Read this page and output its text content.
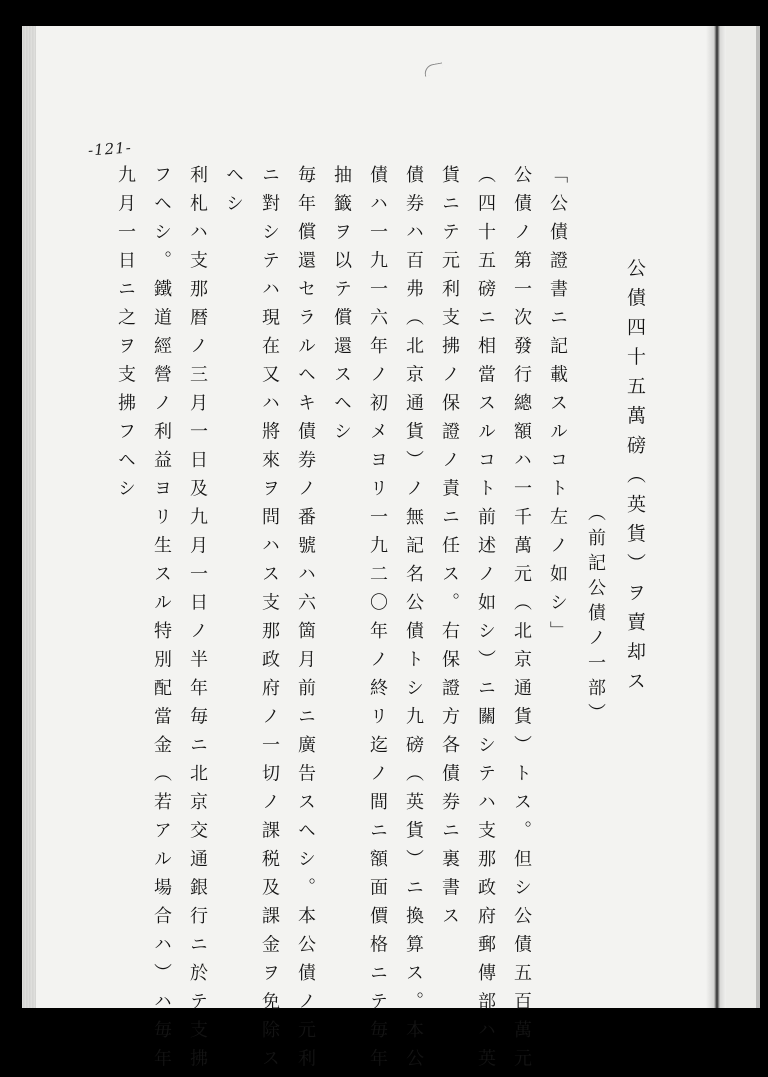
-121-
公債四十五萬磅（英貨）ヲ賣却ス
（前記公債ノ一部）
「公債證書ニ記載スルコト左ノ如シ」
公債ノ第一次發行總額ハ一千萬元（北京通貨）トス。但シ公債五百萬元
（四十五磅ニ相當スルコト前述ノ如シ）ニ關シテハ支那政府郵傳部ハ英
貨ニテ元利支拂ノ保證ノ責ニ任ス。右保證方各債券ニ裏書ス
債券ハ百弗（北京通貨）ノ無記名公債トシ九磅（英貨）ニ換算ス。本公
債ハ一九一六年ノ初メヨリ一九二〇年ノ終リ迄ノ間ニ額面價格ニテ毎年
抽籤ヲ以テ償還スヘシ
毎年償還セラルヘキ債券ノ番號ハ六箇月前ニ廣告スヘシ。本公債ノ元利
ニ對シテハ現在又ハ將來ヲ問ハス支那政府ノ一切ノ課税及課金ヲ免除ス
ヘシ
利札ハ支那暦ノ三月一日及九月一日ノ半年毎ニ北京交通銀行ニ於テ支拂
フヘシ。鐵道經營ノ利益ヨリ生スル特別配當金（若アル場合ハ）ハ毎年
九月一日ニ之ヲ支拂フヘシ
